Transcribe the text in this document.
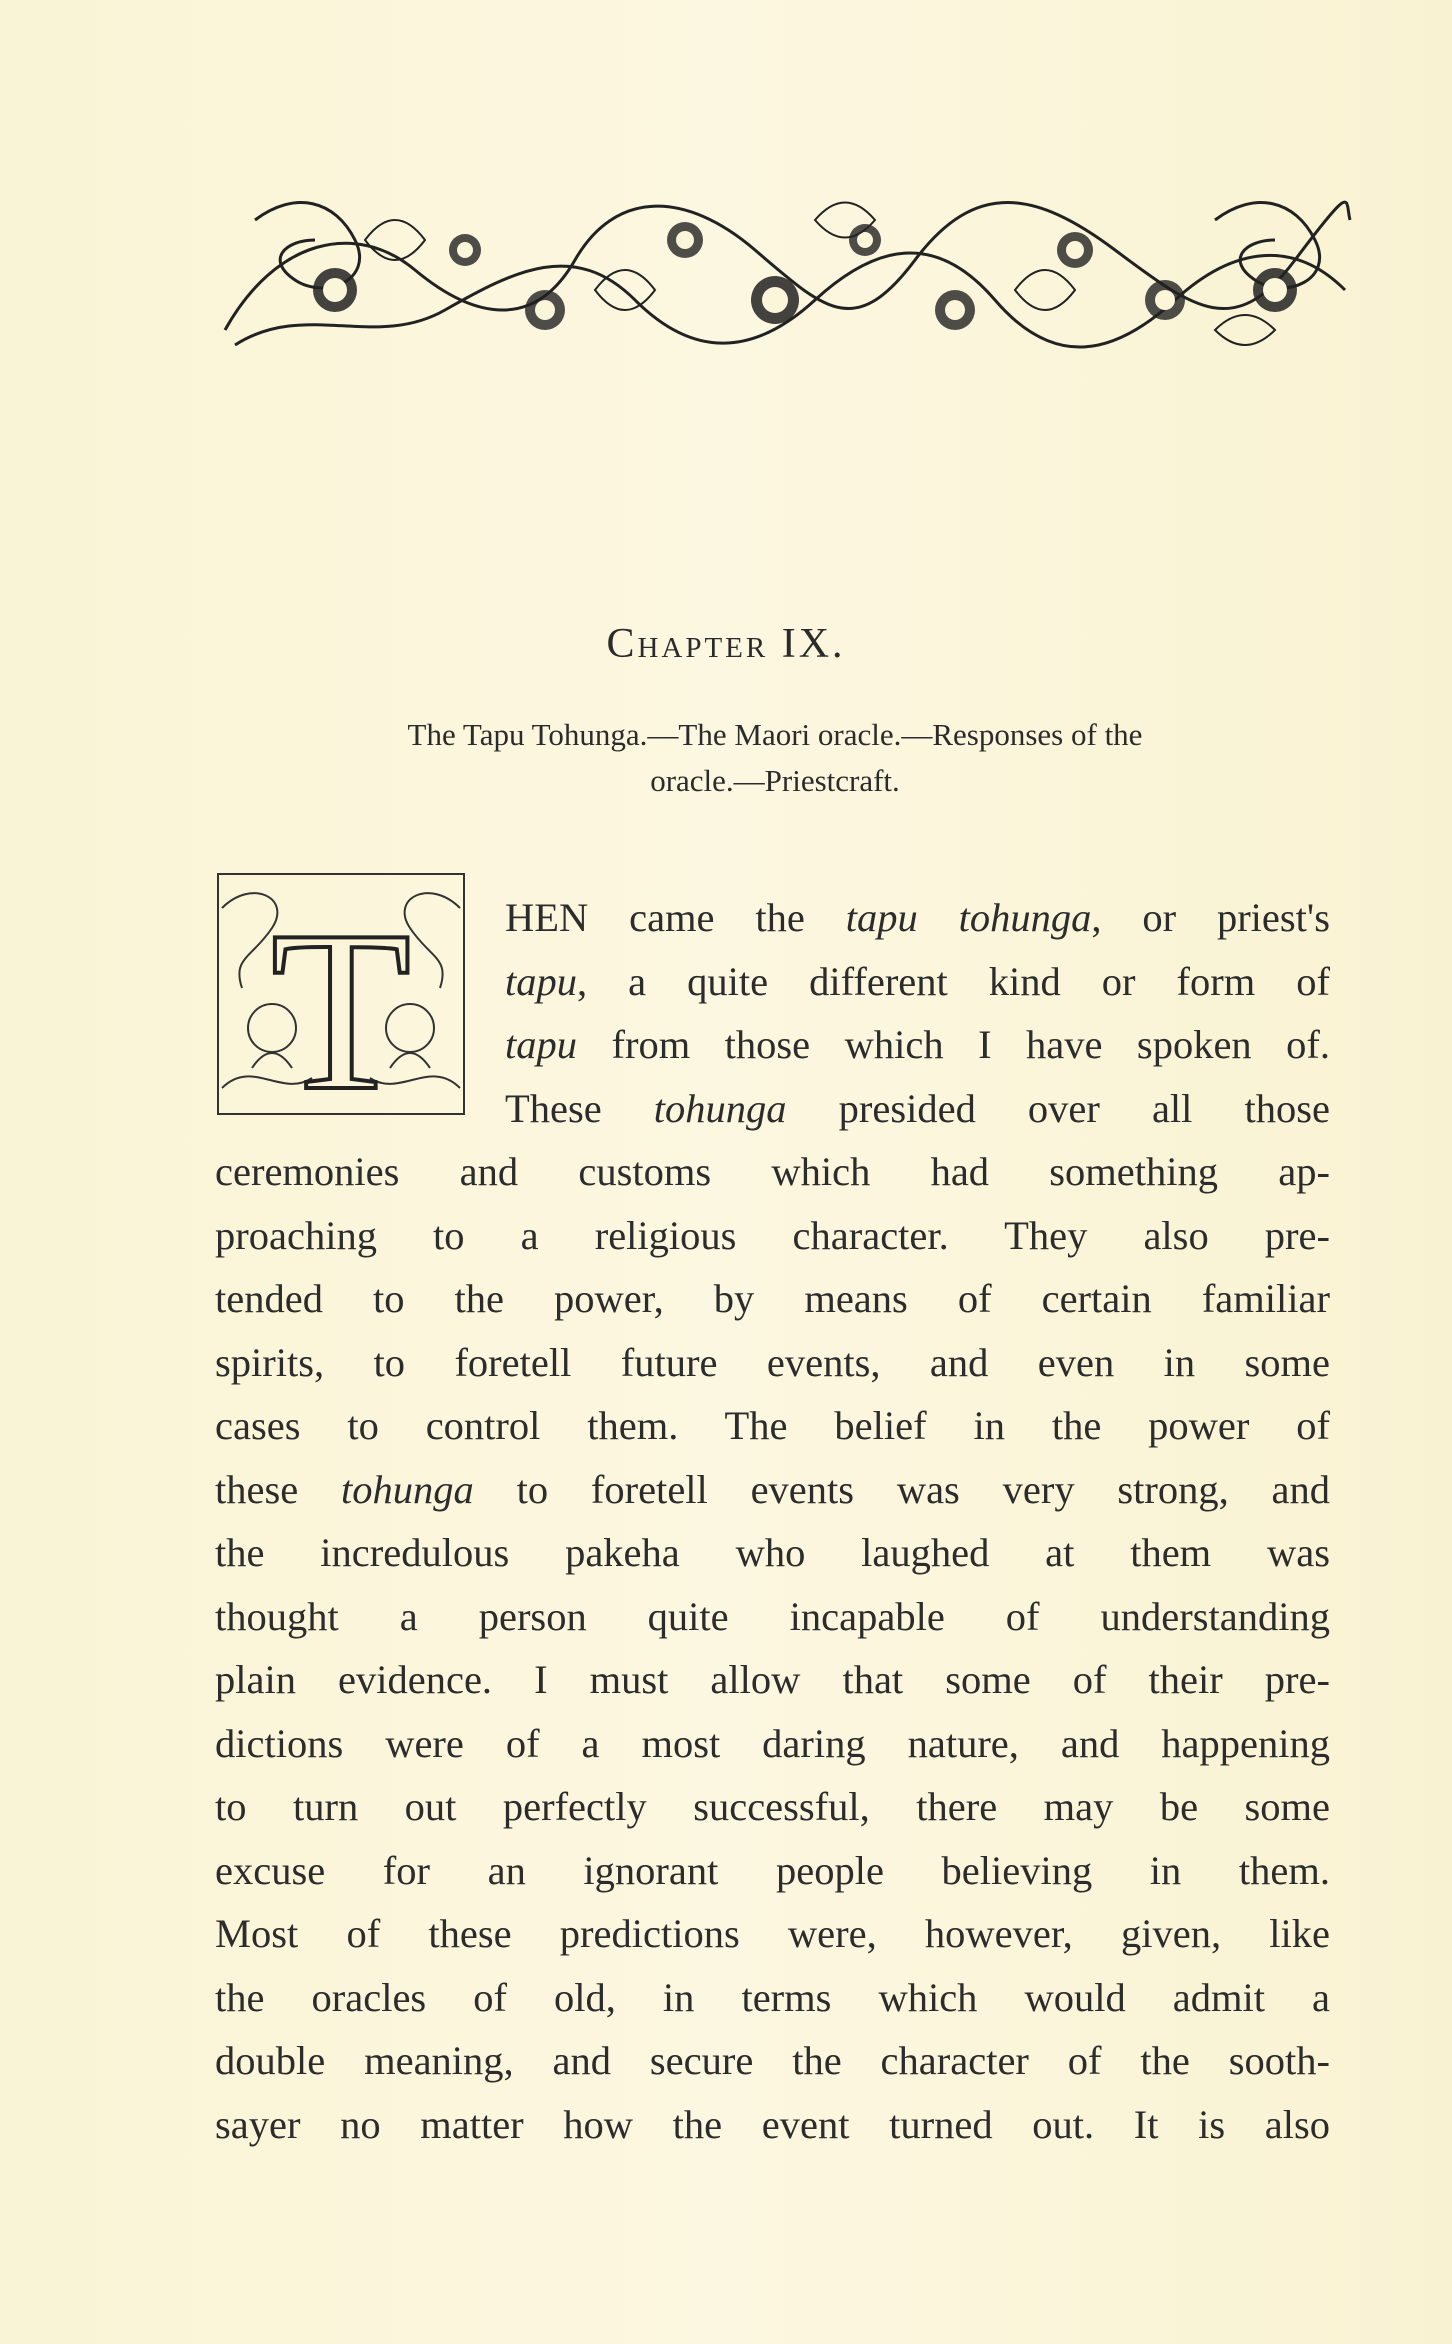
Chapter IX.
The Tapu Tohunga.—The Maori oracle.—Responses of the
oracle.—Priestcraft.
T	HEN came the tapu tohunga, or priest's
tapu, a quite different kind or form of
tapu from those which I have spoken of.
These tohunga presided over all those
ceremonies and customs which had something ap-
proaching to a religious character. They also pre-
tended to the power, by means of certain familiar
spirits, to foretell future events, and even in some
cases to control them. The belief in the power of
these tohunga to foretell events was very strong, and
the incredulous pakeha who laughed at them was
thought a person quite incapable of understanding
plain evidence. I must allow that some of their pre-
dictions were of a most daring nature, and happening
to turn out perfectly successful, there may be some
excuse for an ignorant people believing in them.
Most of these predictions were, however, given, like
the oracles of old, in terms which would admit a
double meaning, and secure the character of the sooth-
sayer no matter how the event turned out. It is also
